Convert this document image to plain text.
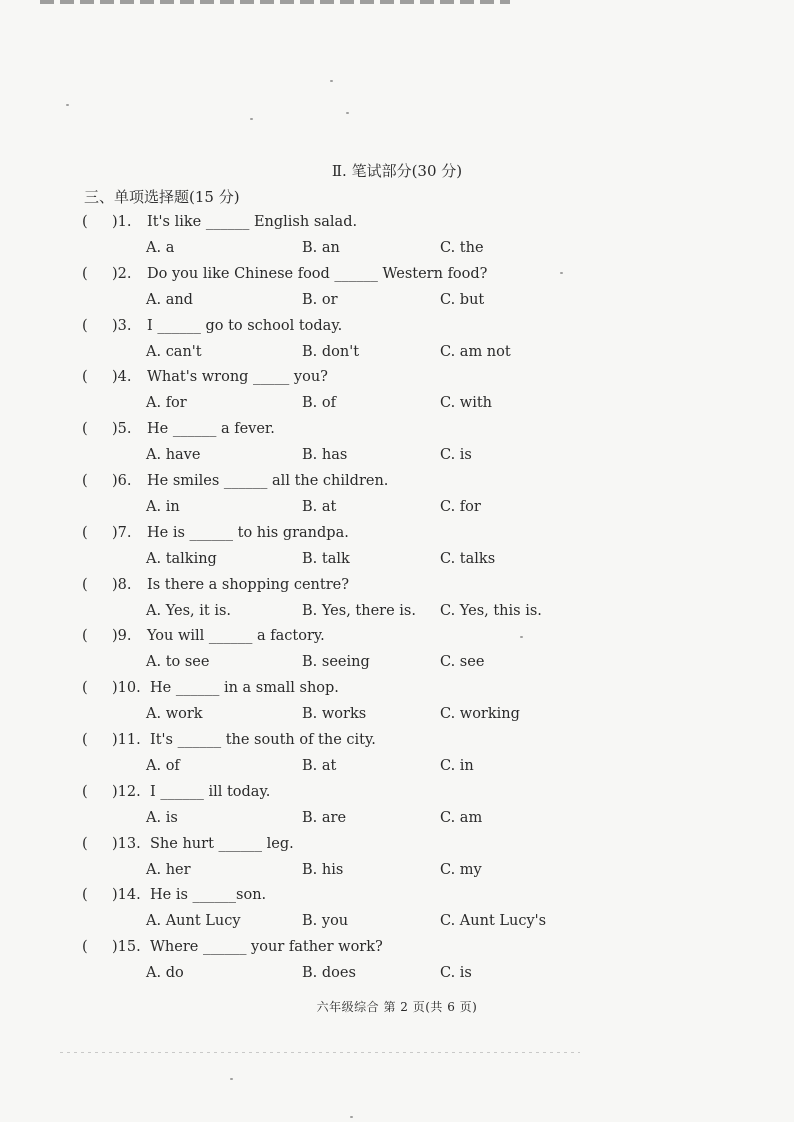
Ⅱ. 笔试部分(30 分)
三、单项选择题(15 分)
( )1. It's like ______ English salad.
A. a	B. an	C. the
( )2. Do you like Chinese food ______ Western food?
A. and	B. or	C. but
( )3. I ______ go to school today.
A. can't	B. don't	C. am not
( )4. What's wrong _____ you?
A. for	B. of	C. with
( )5. He ______ a fever.
A. have	B. has	C. is
( )6. He smiles ______ all the children.
A. in	B. at	C. for
( )7. He is ______ to his grandpa.
A. talking	B. talk	C. talks
( )8. Is there a shopping centre?
A. Yes, it is.	B. Yes, there is. C. Yes, this is.
( )9. You will ______ a factory.
A. to see	B. seeing	C. see
( )10. He ______ in a small shop.
A. work	B. works	C. working
( )11. It's ______ the south of the city.
A. of	B. at	C. in
( )12. I ______ ill today.
A. is	B. are	C. am
( )13. She hurt ______ leg.
A. her	B. his	C. my
( )14. He is ______son.
A. Aunt Lucy	B. you	C. Aunt Lucy's
( )15. Where ______ your father work?
A. do	B. does	C. is
六年级综合 第 2 页(共 6 页)
